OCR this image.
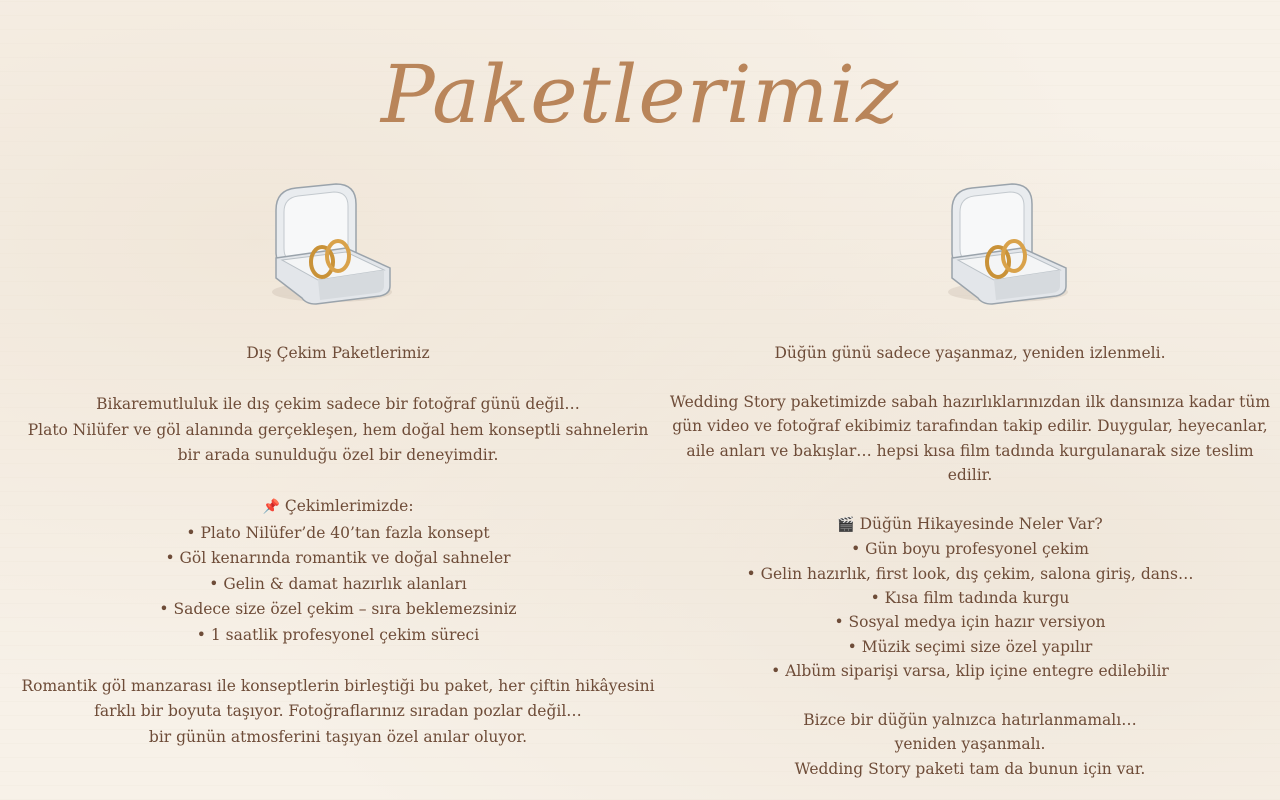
Paketlerimiz
Dış Çekim Paketlerimiz
Bikaremutluluk ile dış çekim sadece bir fotoğraf günü değil…
Plato Nilüfer ve göl alanında gerçekleşen, hem doğal hem konseptli sahnelerin
bir arada sunulduğu özel bir deneyimdir.
📌 Çekimlerimizde:
• Plato Nilüfer’de 40’tan fazla konsept
• Göl kenarında romantik ve doğal sahneler
• Gelin & damat hazırlık alanları
• Sadece size özel çekim – sıra beklemezsiniz
• 1 saatlik profesyonel çekim süreci
Romantik göl manzarası ile konseptlerin birleştiği bu paket, her çiftin hikâyesini
farklı bir boyuta taşıyor. Fotoğraflarınız sıradan pozlar değil…
bir günün atmosferini taşıyan özel anılar oluyor.
Düğün günü sadece yaşanmaz, yeniden izlenmeli.
Wedding Story paketimizde sabah hazırlıklarınızdan ilk dansınıza kadar tüm
gün video ve fotoğraf ekibimiz tarafından takip edilir. Duygular, heyecanlar,
aile anları ve bakışlar… hepsi kısa film tadında kurgulanarak size teslim
edilir.
🎬 Düğün Hikayesinde Neler Var?
• Gün boyu profesyonel çekim
• Gelin hazırlık, first look, dış çekim, salona giriş, dans…
• Kısa film tadında kurgu
• Sosyal medya için hazır versiyon
• Müzik seçimi size özel yapılır
• Albüm siparişi varsa, klip içine entegre edilebilir
Bizce bir düğün yalnızca hatırlanmamalı…
yeniden yaşanmalı.
Wedding Story paketi tam da bunun için var.
